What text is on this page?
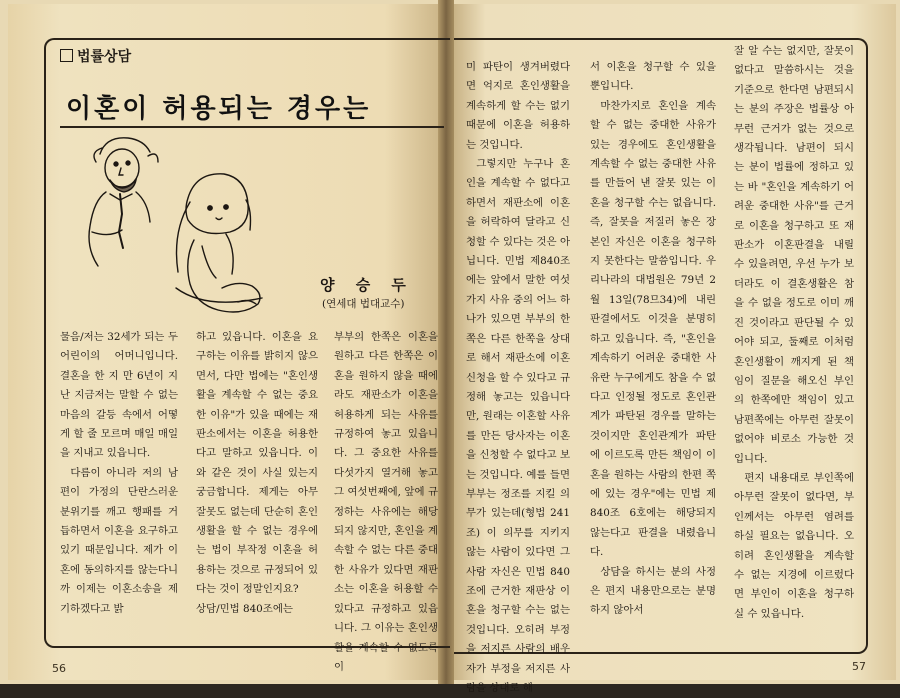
법률상담
이혼이 허용되는 경우는
양 승 두
(연세대 법대교수)

물음/저는 32세가 되는 두 어린이의 어머니입니다. 결혼을 한 지 만 6년이 지난 지금저는 말할 수 없는 마음의 갈등 속에서 어떻게 할 줄 모르며 매일 매일을 지내고 있읍니다.

다름이 아니라 저의 남편이 가정의 단란스러운 분위기를 깨고 행패를 거듭하면서 이혼을 요구하고 있기 때문입니다. 제가 이혼에 동의하지를 않는다니까 이제는 이혼소송을 제기하겠다고 밝

하고 있읍니다. 이혼을 요구하는 이유를 밝히지 않으면서, 다만 법에는 "혼인생활을 계속할 수 없는 중요한 이유"가 있을 때에는 재판소에서는 이혼을 허용한다고 말하고 있읍니다. 이와 같은 것이 사실 있는지 궁금합니다. 제게는 아무 잘못도 없는데 단순히 혼인생활을 할 수 없는 경우에는 법이 부작정 이혼을 허용하는 것으로 규정되어 있다는 것이 정말인지요?

상담/민법 840조에는

부부의 한쪽은 이혼을 원하고 다른 한쪽은 이혼을 원하지 않을 때에라도 재판소가 이혼을 허용하게 되는 사유를 규정하여 놓고 있읍니다. 그 중요한 사유를 다섯가지 열거해 놓고 그 여섯번째에, 앞에 규정하는 사유에는 해당되지 않지만, 혼인을 계속할 수 없는 다른 중대한 사유가 있다면 재판소는 이혼을 허용할 수 있다고 규정하고 있읍니다. 그 이유는 혼인생활을 계속할 수 없도록 이

미 파탄이 생겨버렸다면 억지로 혼인생활을 계속하게 할 수는 없기 때문에 이혼을 허용하는 것입니다.

그렇지만 누구나 혼인을 계속할 수 없다고 하면서 재판소에 이혼을 허락하여 달라고 신청할 수 있다는 것은 아닙니다. 민법 제840조에는 앞에서 말한 여섯가지 사유 중의 어느 하나가 있으면 부부의 한쪽은 다른 한쪽을 상대로 해서 재판소에 이혼신청을 할 수 있다고 규정해 놓고는 있읍니다만, 원래는 이혼할 사유를 만든 당사자는 이혼을 신청할 수 없다고 보는 것입니다. 예를 들면 부부는 정조를 지킬 의무가 있는데(형법 241조) 이 의무를 지키지 않는 사람이 있다면 그 사람 자신은 민법 840조에 근거한 재판상 이혼을 청구할 수는 없는 것입니다. 오히려 부정을 저지른 사람의 배우자가 부정을 저지른 사람을 상대로 해

서 이혼을 청구할 수 있을 뿐입니다.

마찬가지로 혼인을 계속할 수 없는 중대한 사유가 있는 경우에도 혼인생활을 계속할 수 없는 중대한 사유를 만들어 낸 잘못 있는 이혼을 청구할 수는 없읍니다. 즉, 잘못을 저질러 놓은 장본인 자신은 이혼을 청구하지 못한다는 말씀입니다. 우리나라의 대법원은 79년 2월 13일(78므34)에 내린 판결에서도 이것을 분명히 하고 있읍니다. 즉, "혼인을 계속하기 어려운 중대한 사유란 누구에게도 참을 수 없다고 인정될 정도로 혼인관계가 파탄된 경우를 말하는 것이지만 혼인관계가 파탄에 이르도록 만든 책임이 이혼을 원하는 사람의 한편 쪽에 있는 경우"에는 민법 제840조 6호에는 해당되지 않는다고 판결을 내렸읍니다.

상담을 하시는 분의 사정은 편지 내용만으로는 분명하지 않아서

잘 알 수는 없지만, 잘못이 없다고 말씀하시는 것을 기준으로 한다면 남편되시는 분의 주장은 법률상 아무런 근거가 없는 것으로 생각됩니다. 남편이 되시는 분이 법률에 정하고 있는 바 "혼인을 계속하기 어려운 중대한 사유"를 근거로 이혼을 청구하고 또 재판소가 이혼판결을 내릴 수 있을려면, 우선 누가 보더라도 이 결혼생활은 참을 수 없을 정도로 이미 깨진 것이라고 판단될 수 있어야 되고, 둘째로 이처럼 혼인생활이 깨지게 된 책임이 질문을 해오신 부인의 한쪽에만 책임이 있고 남편쪽에는 아무런 잘못이 없어야 비로소 가능한 것입니다.

편지 내용대로 부인쪽에 아무런 잘못이 없다면, 부인께서는 아무런 염려를 하실 필요는 없읍니다. 오히려 혼인생활을 계속할 수 없는 지경에 이르렀다면 부인이 이혼을 청구하실 수 있읍니다.

56	57
